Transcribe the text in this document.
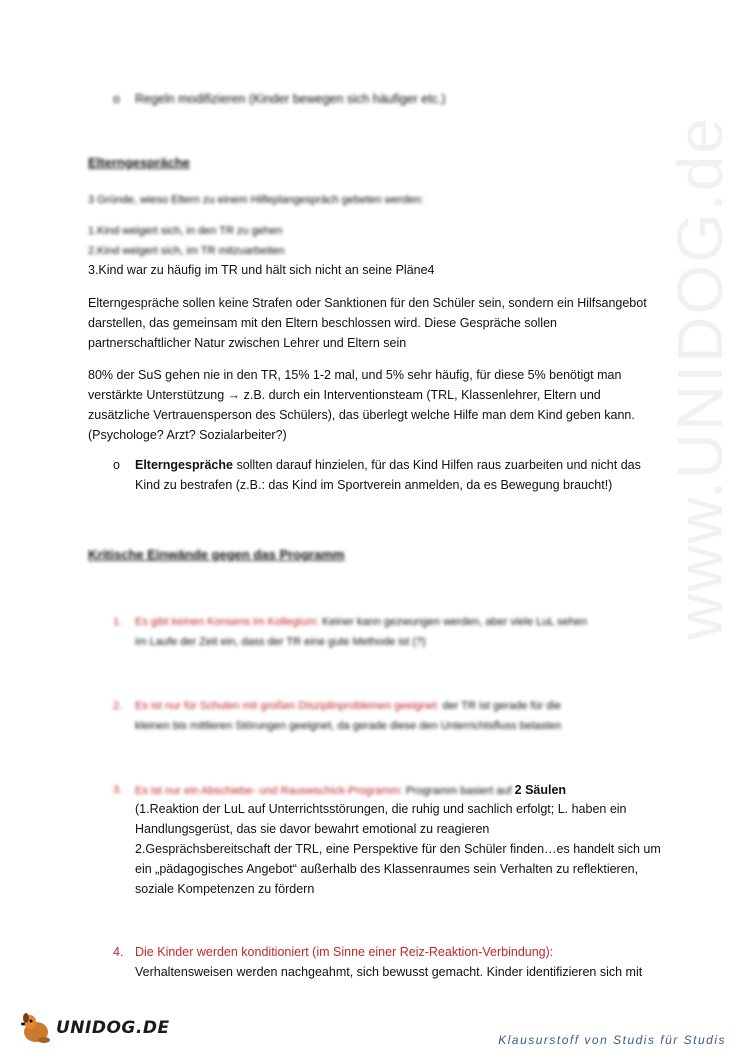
www.UNIDOG.de
o Regeln modifizieren (Kinder bewegen sich häufiger etc.)
Elterngespräche
3 Gründe, wieso Eltern zu einem Hilfeplangespräch gebeten werden:
1.Kind weigert sich, in den TR zu gehen
2.Kind weigert sich, im TR mitzuarbeiten
3.Kind war zu häufig im TR und hält sich nicht an seine Pläne4
Elterngespräche sollen keine Strafen oder Sanktionen für den Schüler sein, sondern ein Hilfsangebot
darstellen, das gemeinsam mit den Eltern beschlossen wird. Diese Gespräche sollen
partnerschaftlicher Natur zwischen Lehrer und Eltern sein
80% der SuS gehen nie in den TR, 15% 1-2 mal, und 5% sehr häufig, für diese 5% benötigt man
verstärkte Unterstützung → z.B. durch ein Interventionsteam (TRL, Klassenlehrer, Eltern und
zusätzliche Vertrauensperson des Schülers), das überlegt welche Hilfe man dem Kind geben kann.
(Psychologe? Arzt? Sozialarbeiter?)
o Elterngespräche sollten darauf hinzielen, für das Kind Hilfen raus zuarbeiten und nicht das
Kind zu bestrafen (z.B.: das Kind im Sportverein anmelden, da es Bewegung braucht!)
Kritische Einwände gegen das Programm
1. Es gibt keinen Konsens im Kollegium: Keiner kann gezwungen werden, aber viele LuL sehen
im Laufe der Zeit ein, dass der TR eine gute Methode ist (?)
2. Es ist nur für Schulen mit großen Disziplinproblemen geeignet: der TR ist gerade für die
kleinen bis mittleren Störungen geeignet, da gerade diese den Unterrichtsfluss belasten
3. Es ist nur ein Abschiebe- und Rauswschick-Programm: Programm basiert auf 2 Säulen
(1.Reaktion der LuL auf Unterrichtsstörungen, die ruhig und sachlich erfolgt; L. haben ein
Handlungsgerüst, das sie davor bewahrt emotional zu reagieren
2.Gesprächsbereitschaft der TRL, eine Perspektive für den Schüler finden…es handelt sich um
ein „pädagogisches Angebot“ außerhalb des Klassenraumes sein Verhalten zu reflektieren,
soziale Kompetenzen zu fördern
4. Die Kinder werden konditioniert (im Sinne einer Reiz-Reaktion-Verbindung):
Verhaltensweisen werden nachgeahmt, sich bewusst gemacht. Kinder identifizieren sich mit
UNIDOG.DE
Klausurstoff von Studis für Studis
